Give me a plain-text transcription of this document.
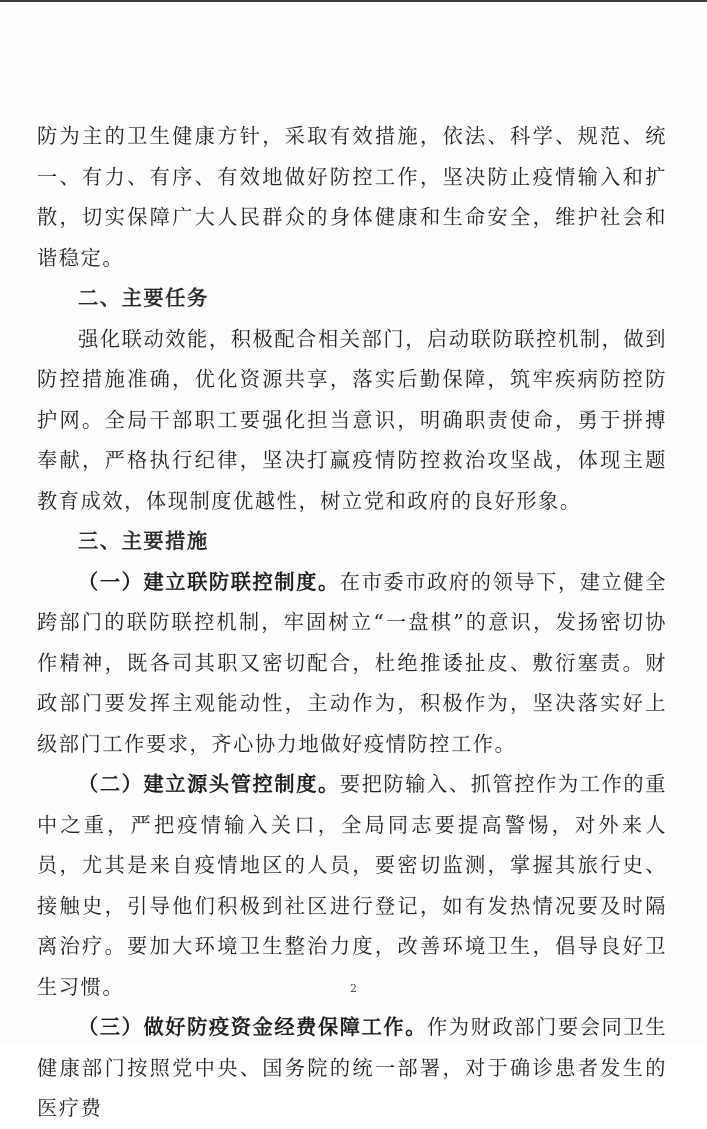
防为主的卫生健康方针，采取有效措施，依法、科学、规范、统一、有力、有序、有效地做好防控工作，坚决防止疫情输入和扩散，切实保障广大人民群众的身体健康和生命安全，维护社会和谐稳定。

二、主要任务

强化联动效能，积极配合相关部门，启动联防联控机制，做到防控措施准确，优化资源共享，落实后勤保障，筑牢疾病防控防护网。全局干部职工要强化担当意识，明确职责使命，勇于拼搏奉献，严格执行纪律，坚决打赢疫情防控救治攻坚战，体现主题教育成效，体现制度优越性，树立党和政府的良好形象。

三、主要措施

（一）建立联防联控制度。在市委市政府的领导下，建立健全跨部门的联防联控机制，牢固树立“一盘棋”的意识，发扬密切协作精神，既各司其职又密切配合，杜绝推诿扯皮、敷衍塞责。财政部门要发挥主观能动性，主动作为，积极作为，坚决落实好上级部门工作要求，齐心协力地做好疫情防控工作。

（二）建立源头管控制度。要把防输入、抓管控作为工作的重中之重，严把疫情输入关口，全局同志要提高警惕，对外来人员，尤其是来自疫情地区的人员，要密切监测，掌握其旅行史、接触史，引导他们积极到社区进行登记，如有发热情况要及时隔离治疗。要加大环境卫生整治力度，改善环境卫生，倡导良好卫生习惯。

（三）做好防疫资金经费保障工作。作为财政部门要会同卫生健康部门按照党中央、国务院的统一部署，对于确诊患者发生的医疗费

2
